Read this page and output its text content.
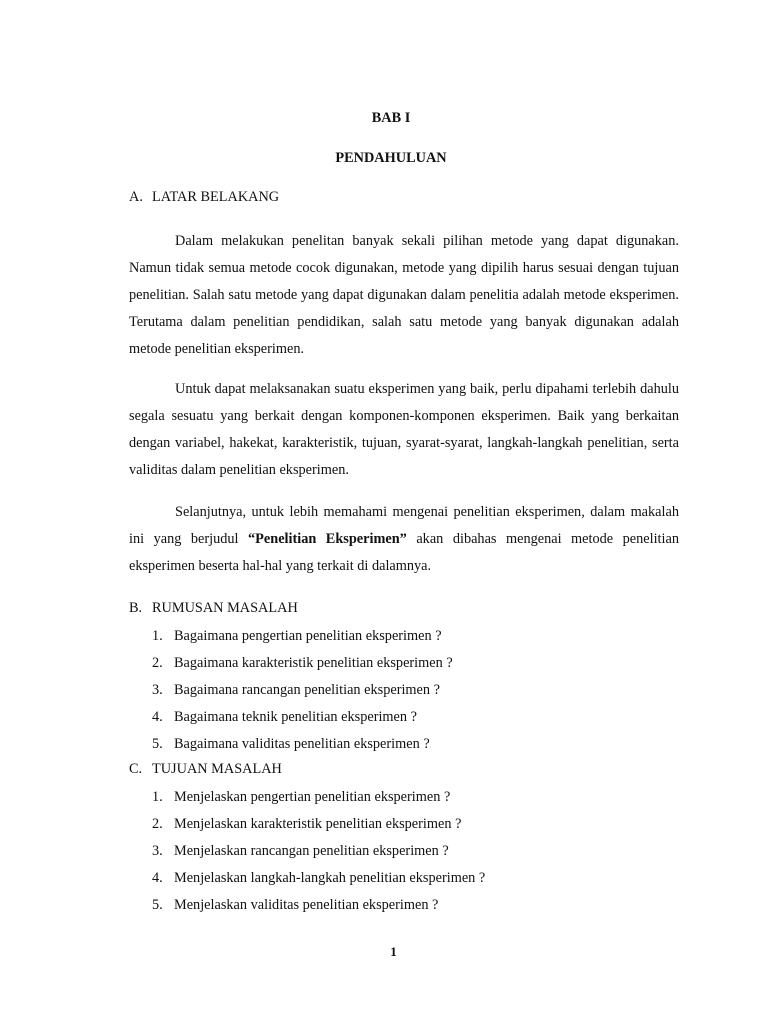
BAB I

PENDAHULUAN

A. LATAR BELAKANG

Dalam melakukan penelitan banyak sekali pilihan metode yang dapat digunakan. Namun tidak semua metode cocok digunakan, metode yang dipilih harus sesuai dengan tujuan penelitian. Salah satu metode yang dapat digunakan dalam penelitia adalah metode eksperimen. Terutama dalam penelitian pendidikan, salah satu metode yang banyak digunakan adalah metode penelitian eksperimen.

Untuk dapat melaksanakan suatu eksperimen yang baik, perlu dipahami terlebih dahulu segala sesuatu yang berkait dengan komponen-komponen eksperimen. Baik yang berkaitan dengan variabel, hakekat, karakteristik, tujuan, syarat-syarat, langkah-langkah penelitian, serta validitas dalam penelitian eksperimen.

Selanjutnya, untuk lebih memahami mengenai penelitian eksperimen, dalam makalah ini yang berjudul “Penelitian Eksperimen” akan dibahas mengenai metode penelitian eksperimen beserta hal-hal yang terkait di dalamnya.

B. RUMUSAN MASALAH

1. Bagaimana pengertian penelitian eksperimen ?
2. Bagaimana karakteristik penelitian eksperimen ?
3. Bagaimana rancangan penelitian eksperimen ?
4. Bagaimana teknik penelitian eksperimen ?
5. Bagaimana validitas penelitian eksperimen ?

C. TUJUAN MASALAH

1. Menjelaskan pengertian penelitian eksperimen ?
2. Menjelaskan karakteristik penelitian eksperimen ?
3. Menjelaskan rancangan penelitian eksperimen ?
4. Menjelaskan langkah-langkah penelitian eksperimen ?
5. Menjelaskan validitas penelitian eksperimen ?

1
